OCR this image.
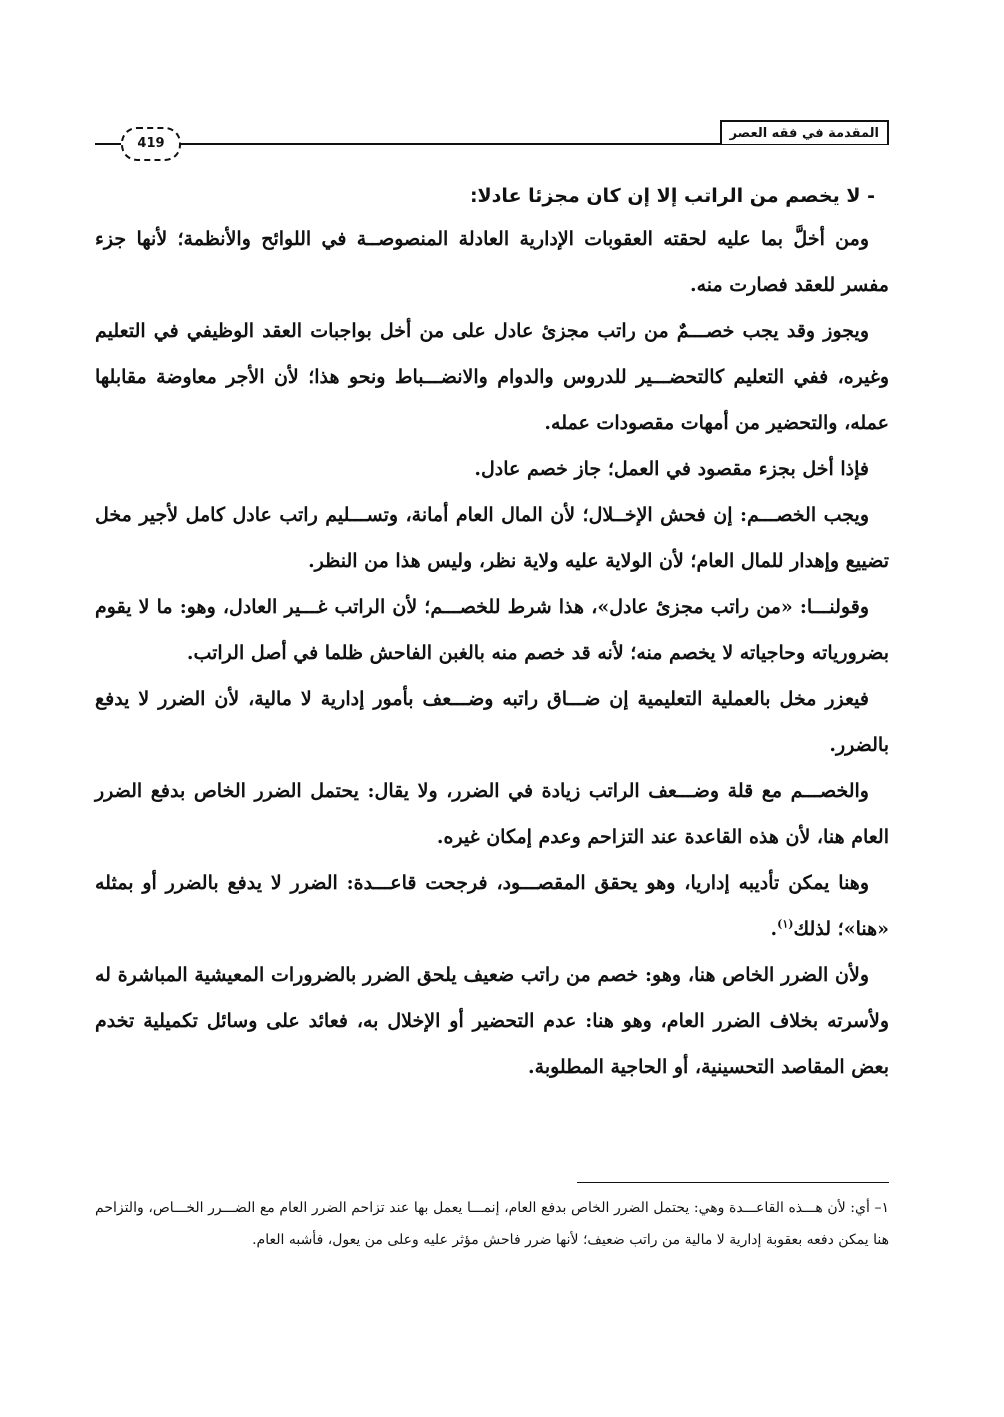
المقدمة في فقه العصر
419

- لا يخصم من الراتب إلا إن كان مجزئا عادلا:

ومن أخلَّ بما عليه لحقته العقوبات الإدارية العادلة المنصوصــة في اللوائح والأنظمة؛ لأنها جزء مفسر للعقد فصارت منه.

ويجوز وقد يجب خصـــمٌ من راتب مجزئ عادل على من أخل بواجبات العقد الوظيفي في التعليم وغيره، ففي التعليم كالتحضـــير للدروس والدوام والانضـــباط ونحو هذا؛ لأن الأجر معاوضة مقابلها عمله، والتحضير من أمهات مقصودات عمله.

فإذا أخل بجزء مقصود في العمل؛ جاز خصم عادل.

ويجب الخصـــم: إن فحش الإخــلال؛ لأن المال العام أمانة، وتســـليم راتب عادل كامل لأجير مخل تضييع وإهدار للمال العام؛ لأن الولاية عليه ولاية نظر، وليس هذا من النظر.

وقولنـــا: «من راتب مجزئ عادل»، هذا شرط للخصـــم؛ لأن الراتب غـــير العادل، وهو: ما لا يقوم بضرورياته وحاجياته لا يخصم منه؛ لأنه قد خصم منه بالغبن الفاحش ظلما في أصل الراتب.

فيعزر مخل بالعملية التعليمية إن ضـــاق راتبه وضـــعف بأمور إدارية لا مالية، لأن الضرر لا يدفع بالضرر.

والخصـــم مع قلة وضـــعف الراتب زيادة في الضرر، ولا يقال: يحتمل الضرر الخاص بدفع الضرر العام هنا، لأن هذه القاعدة عند التزاحم وعدم إمكان غيره.

وهنا يمكن تأديبه إداريا، وهو يحقق المقصـــود، فرجحت قاعـــدة: الضرر لا يدفع بالضرر أو بمثله «هنا»؛ لذلك$^{(١)}$.

ولأن الضرر الخاص هنا، وهو: خصم من راتب ضعيف يلحق الضرر بالضرورات المعيشية المباشرة له ولأسرته بخلاف الضرر العام، وهو هنا: عدم التحضير أو الإخلال به، فعائد على وسائل تكميلية تخدم بعض المقاصد التحسينية، أو الحاجية المطلوبة.

١– أي: لأن هـــذه القاعـــدة وهي: يحتمل الضرر الخاص بدفع العام، إنمـــا يعمل بها عند تزاحم الضرر العام مع الضـــرر الخـــاص، والتزاحم هنا يمكن دفعه بعقوبة إدارية لا مالية من راتب ضعيف؛ لأنها ضرر فاحش مؤثر عليه وعلى من يعول، فأشبه العام.
